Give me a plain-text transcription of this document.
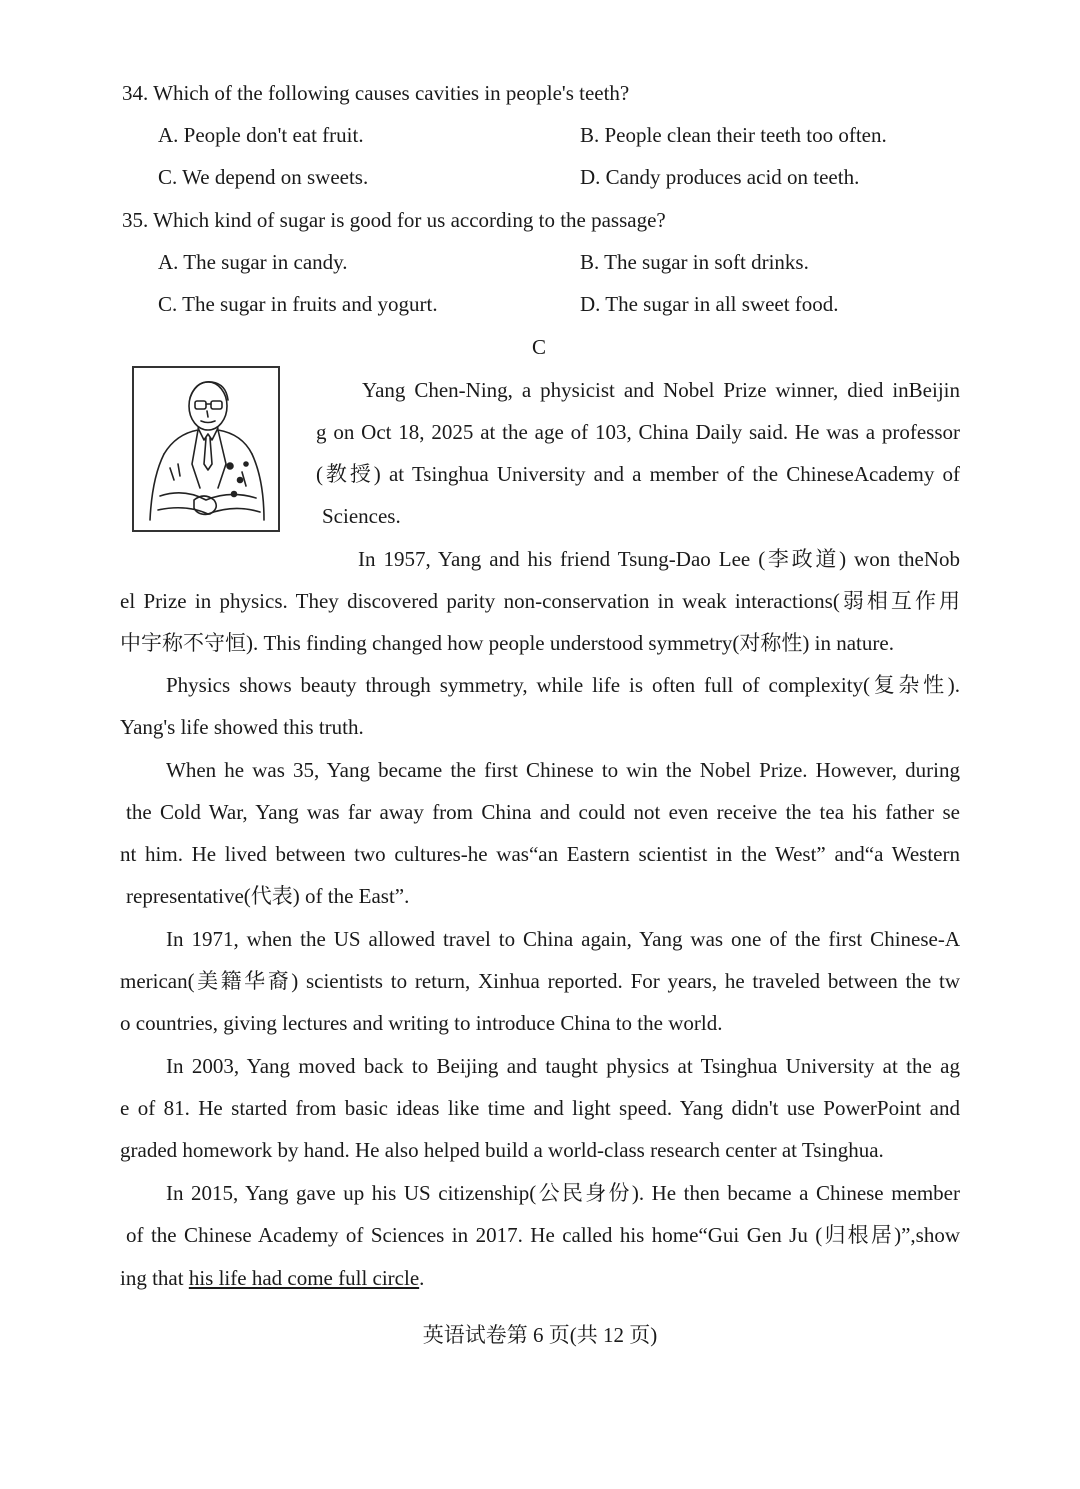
34. Which of the following causes cavities in people's teeth?
A. People don't eat fruit.	B. People clean their teeth too often.
C. We depend on sweets.	D. Candy produces acid on teeth.
35. Which kind of sugar is good for us according to the passage?
A. The sugar in candy.	B. The sugar in soft drinks.
C. The sugar in fruits and yogurt.	D. The sugar in all sweet food.
C
Yang Chen-Ning, a physicist and Nobel Prize winner, died inBeijin
g on Oct 18, 2025 at the age of 103, China Daily said. He was a professor
(教授) at Tsinghua University and a member of the ChineseAcademy of
Sciences.
In 1957, Yang and his friend Tsung-Dao Lee (李政道) won theNob
el Prize in physics. They discovered parity non-conservation in weak interactions(弱相互作用
中宇称不守恒). This finding changed how people understood symmetry(对称性) in nature.
Physics shows beauty through symmetry, while life is often full of complexity(复杂性).
Yang's life showed this truth.
When he was 35, Yang became the first Chinese to win the Nobel Prize. However, during
the Cold War, Yang was far away from China and could not even receive the tea his father se
nt him. He lived between two cultures-he was“an Eastern scientist in the West” and“a Western
representative(代表) of the East”.
In 1971, when the US allowed travel to China again, Yang was one of the first Chinese-A
merican(美籍华裔) scientists to return, Xinhua reported. For years, he traveled between the tw
o countries, giving lectures and writing to introduce China to the world.
In 2003, Yang moved back to Beijing and taught physics at Tsinghua University at the ag
e of 81. He started from basic ideas like time and light speed. Yang didn't use PowerPoint and
graded homework by hand. He also helped build a world-class research center at Tsinghua.
In 2015, Yang gave up his US citizenship(公民身份). He then became a Chinese member
of the Chinese Academy of Sciences in 2017. He called his home“Gui Gen Ju (归根居)”,show
ing that his life had come full circle.
英语试卷第 6 页(共 12 页)
